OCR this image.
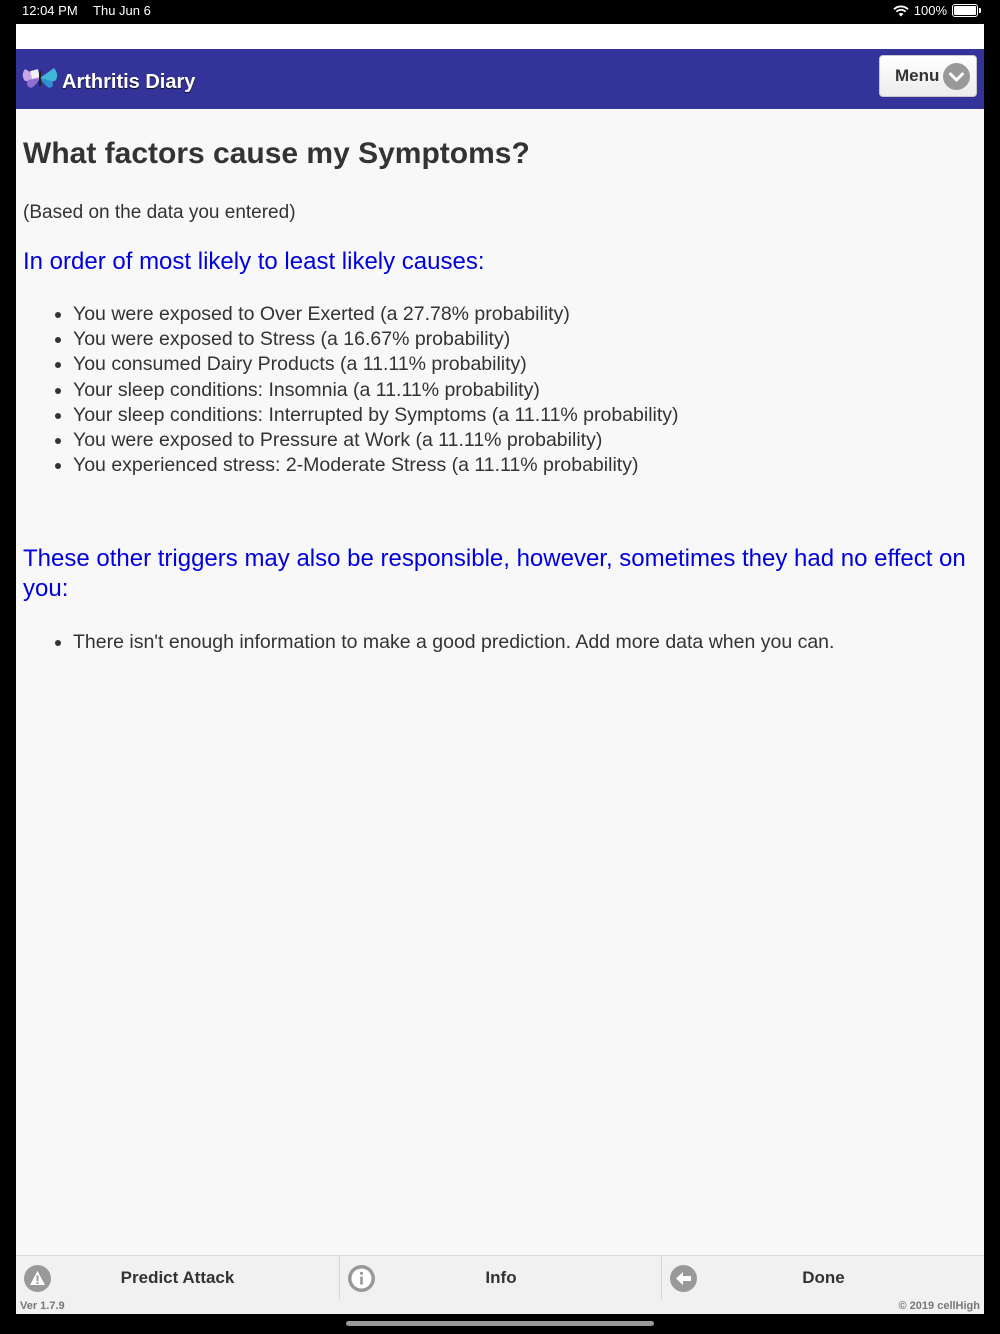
12:04 PM Thu Jun 6	100%
Arthritis Diary	Menu
What factors cause my Symptoms?
(Based on the data you entered)

In order of most likely to least likely causes:

• You were exposed to Over Exerted (a 27.78% probability)
• You were exposed to Stress (a 16.67% probability)
• You consumed Dairy Products (a 11.11% probability)
• Your sleep conditions: Insomnia (a 11.11% probability)
• Your sleep conditions: Interrupted by Symptoms (a 11.11% probability)
• You were exposed to Pressure at Work (a 11.11% probability)
• You experienced stress: 2-Moderate Stress (a 11.11% probability)

These other triggers may also be responsible, however, sometimes they had no effect on you:

• There isn't enough information to make a good prediction. Add more data when you can.
Predict Attack	Info	Done
Ver 1.7.9	© 2019 cellHigh
